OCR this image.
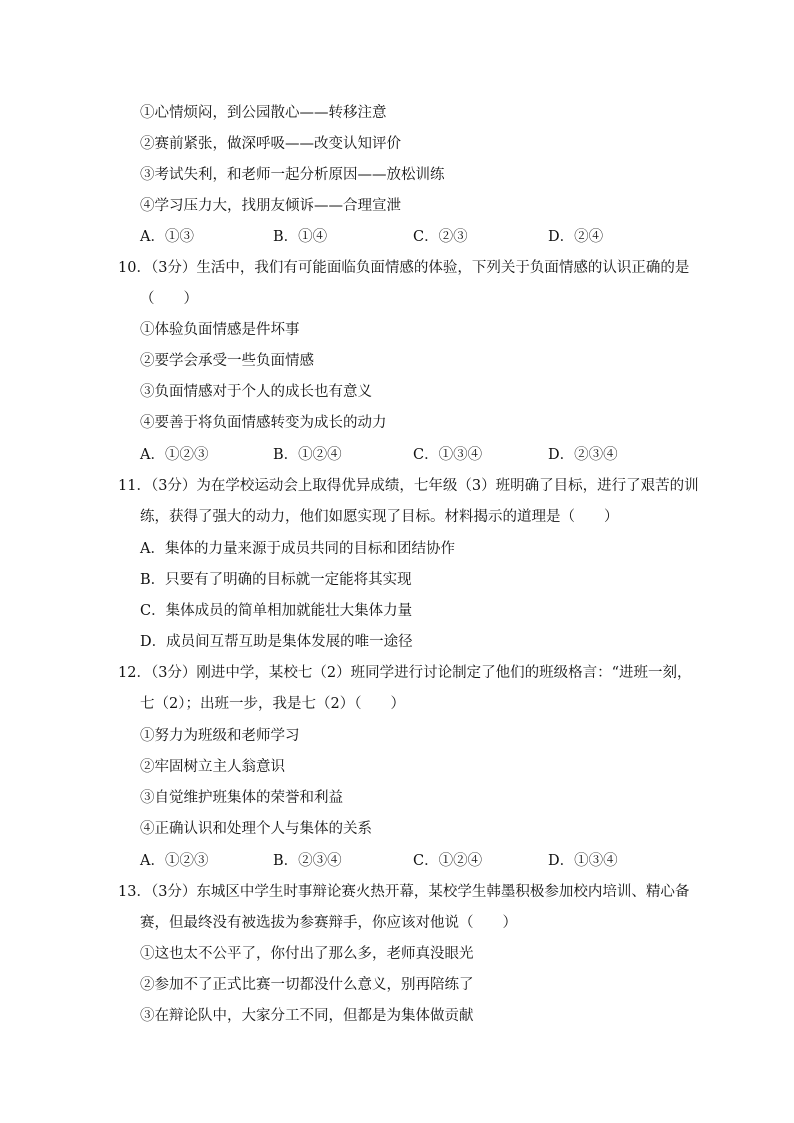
①心情烦闷，到公园散心——转移注意
②赛前紧张，做深呼吸——改变认知评价
③考试失利，和老师一起分析原因——放松训练
④学习压力大，找朋友倾诉——合理宣泄
A．①③	B．①④	C．②③	D．②④
10．（3分）生活中，我们有可能面临负面情感的体验，下列关于负面情感的认识正确的是
（　　）
①体验负面情感是件坏事
②要学会承受一些负面情感
③负面情感对于个人的成长也有意义
④要善于将负面情感转变为成长的动力
A．①②③	B．①②④	C．①③④	D．②③④
11．（3分）为在学校运动会上取得优异成绩，七年级（3）班明确了目标，进行了艰苦的训
练，获得了强大的动力，他们如愿实现了目标。材料揭示的道理是（　　）
A．集体的力量来源于成员共同的目标和团结协作
B．只要有了明确的目标就一定能将其实现
C．集体成员的简单相加就能壮大集体力量
D．成员间互帮互助是集体发展的唯一途径
12．（3分）刚进中学，某校七（2）班同学进行讨论制定了他们的班级格言：“进班一刻，
七（2）；出班一步，我是七（2）（　　）
①努力为班级和老师学习
②牢固树立主人翁意识
③自觉维护班集体的荣誉和利益
④正确认识和处理个人与集体的关系
A．①②③	B．②③④	C．①②④	D．①③④
13．（3分）东城区中学生时事辩论赛火热开幕，某校学生韩墨积极参加校内培训、精心备
赛，但最终没有被选拔为参赛辩手，你应该对他说（　　）
①这也太不公平了，你付出了那么多，老师真没眼光
②参加不了正式比赛一切都没什么意义，别再陪练了
③在辩论队中，大家分工不同，但都是为集体做贡献
